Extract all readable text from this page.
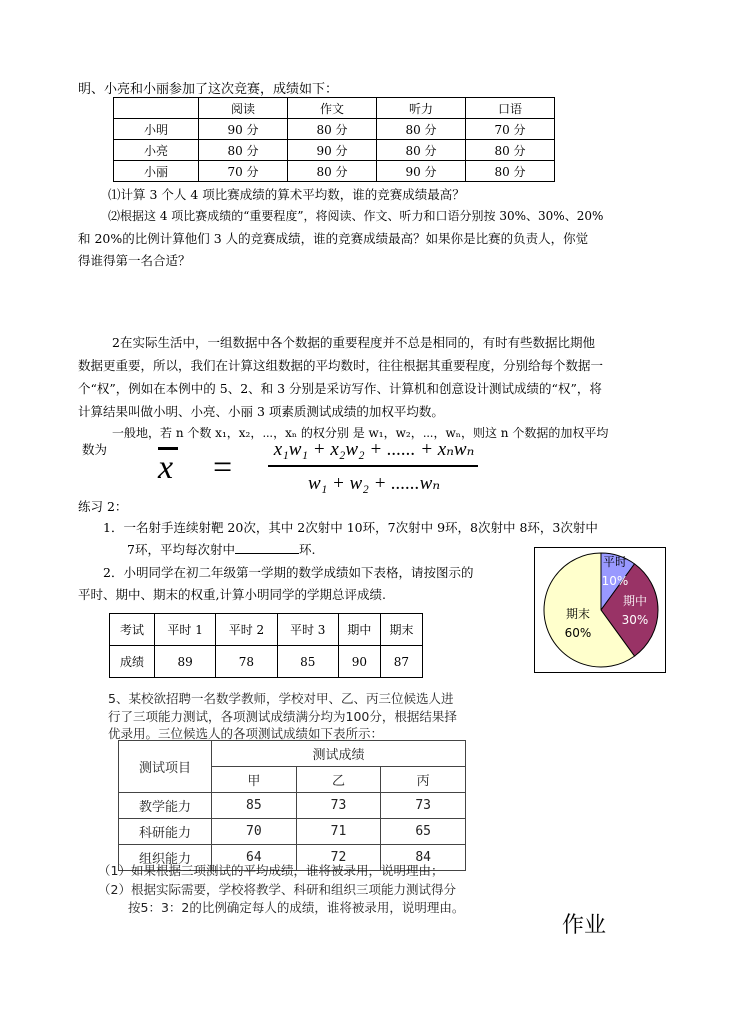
明、小亮和小丽参加了这次竞赛，成绩如下：
	阅读	作文	听力	口语
小明	90 分	80 分	80 分	70 分
小亮	80 分	90 分	80 分	80 分
小丽	70 分	80 分	90 分	80 分
⑴计算 3 个人 4 项比赛成绩的算术平均数，谁的竞赛成绩最高？
⑵根据这 4 项比赛成绩的“重要程度”，将阅读、作文、听力和口语分别按 30%、30%、20%
和 20%的比例计算他们 3 人的竞赛成绩，谁的竞赛成绩最高？如果你是比赛的负责人，你觉
得谁得第一名合适？
2在实际生活中，一组数据中各个数据的重要程度并不总是相同的，有时有些数据比期他
数据更重要，所以，我们在计算这组数据的平均数时，往往根据其重要程度，分别给每个数据一
个“权”，例如在本例中的 5、2、和 3 分别是采访写作、计算机和创意设计测试成绩的“权”，将
计算结果叫做小明、小亮、小丽 3 项素质测试成绩的加权平均数。
一般地，若 n 个数 x₁，x₂，⋯，xₙ 的权分别 是 w₁，w₂，⋯，wₙ，则这 n 个数据的加权平均
数为 x = x₁w₁ + x₂w₂ + ...... + xₙwₙ
w₁ + w₂ + ......wₙ
练习 2：
1．一名射手连续射靶 20次，其中 2次射中 10环，7次射中 9环，8次射中 8环，3次射中
7环，平均每次射中	环.
2．小明同学在初二年级第一学期的数学成绩如下表格，请按图示的
平时、期中、期末的权重,计算小明同学的学期总评成绩.
考试	平时 1	平时 2	平时 3	期中	期末
成绩	89	78	85	90	87
平时
10%
期中
30%
期末
60%
5、某校欲招聘一名数学教师，学校对甲、乙、丙三位候选人进
行了三项能力测试，各项测试成绩满分均为100分，根据结果择
优录用。三位候选人的各项测试成绩如下表所示：
测试项目	测试成绩		
	甲	乙	丙
教学能力	85	73	73
科研能力	70	71	65
组织能力	64	72	84
（1）如果根据三项测试的平均成绩，谁将被录用，说明理由；
（2）根据实际需要，学校将教学、科研和组织三项能力测试得分
按5：3：2的比例确定每人的成绩，谁将被录用，说明理由。
作业
